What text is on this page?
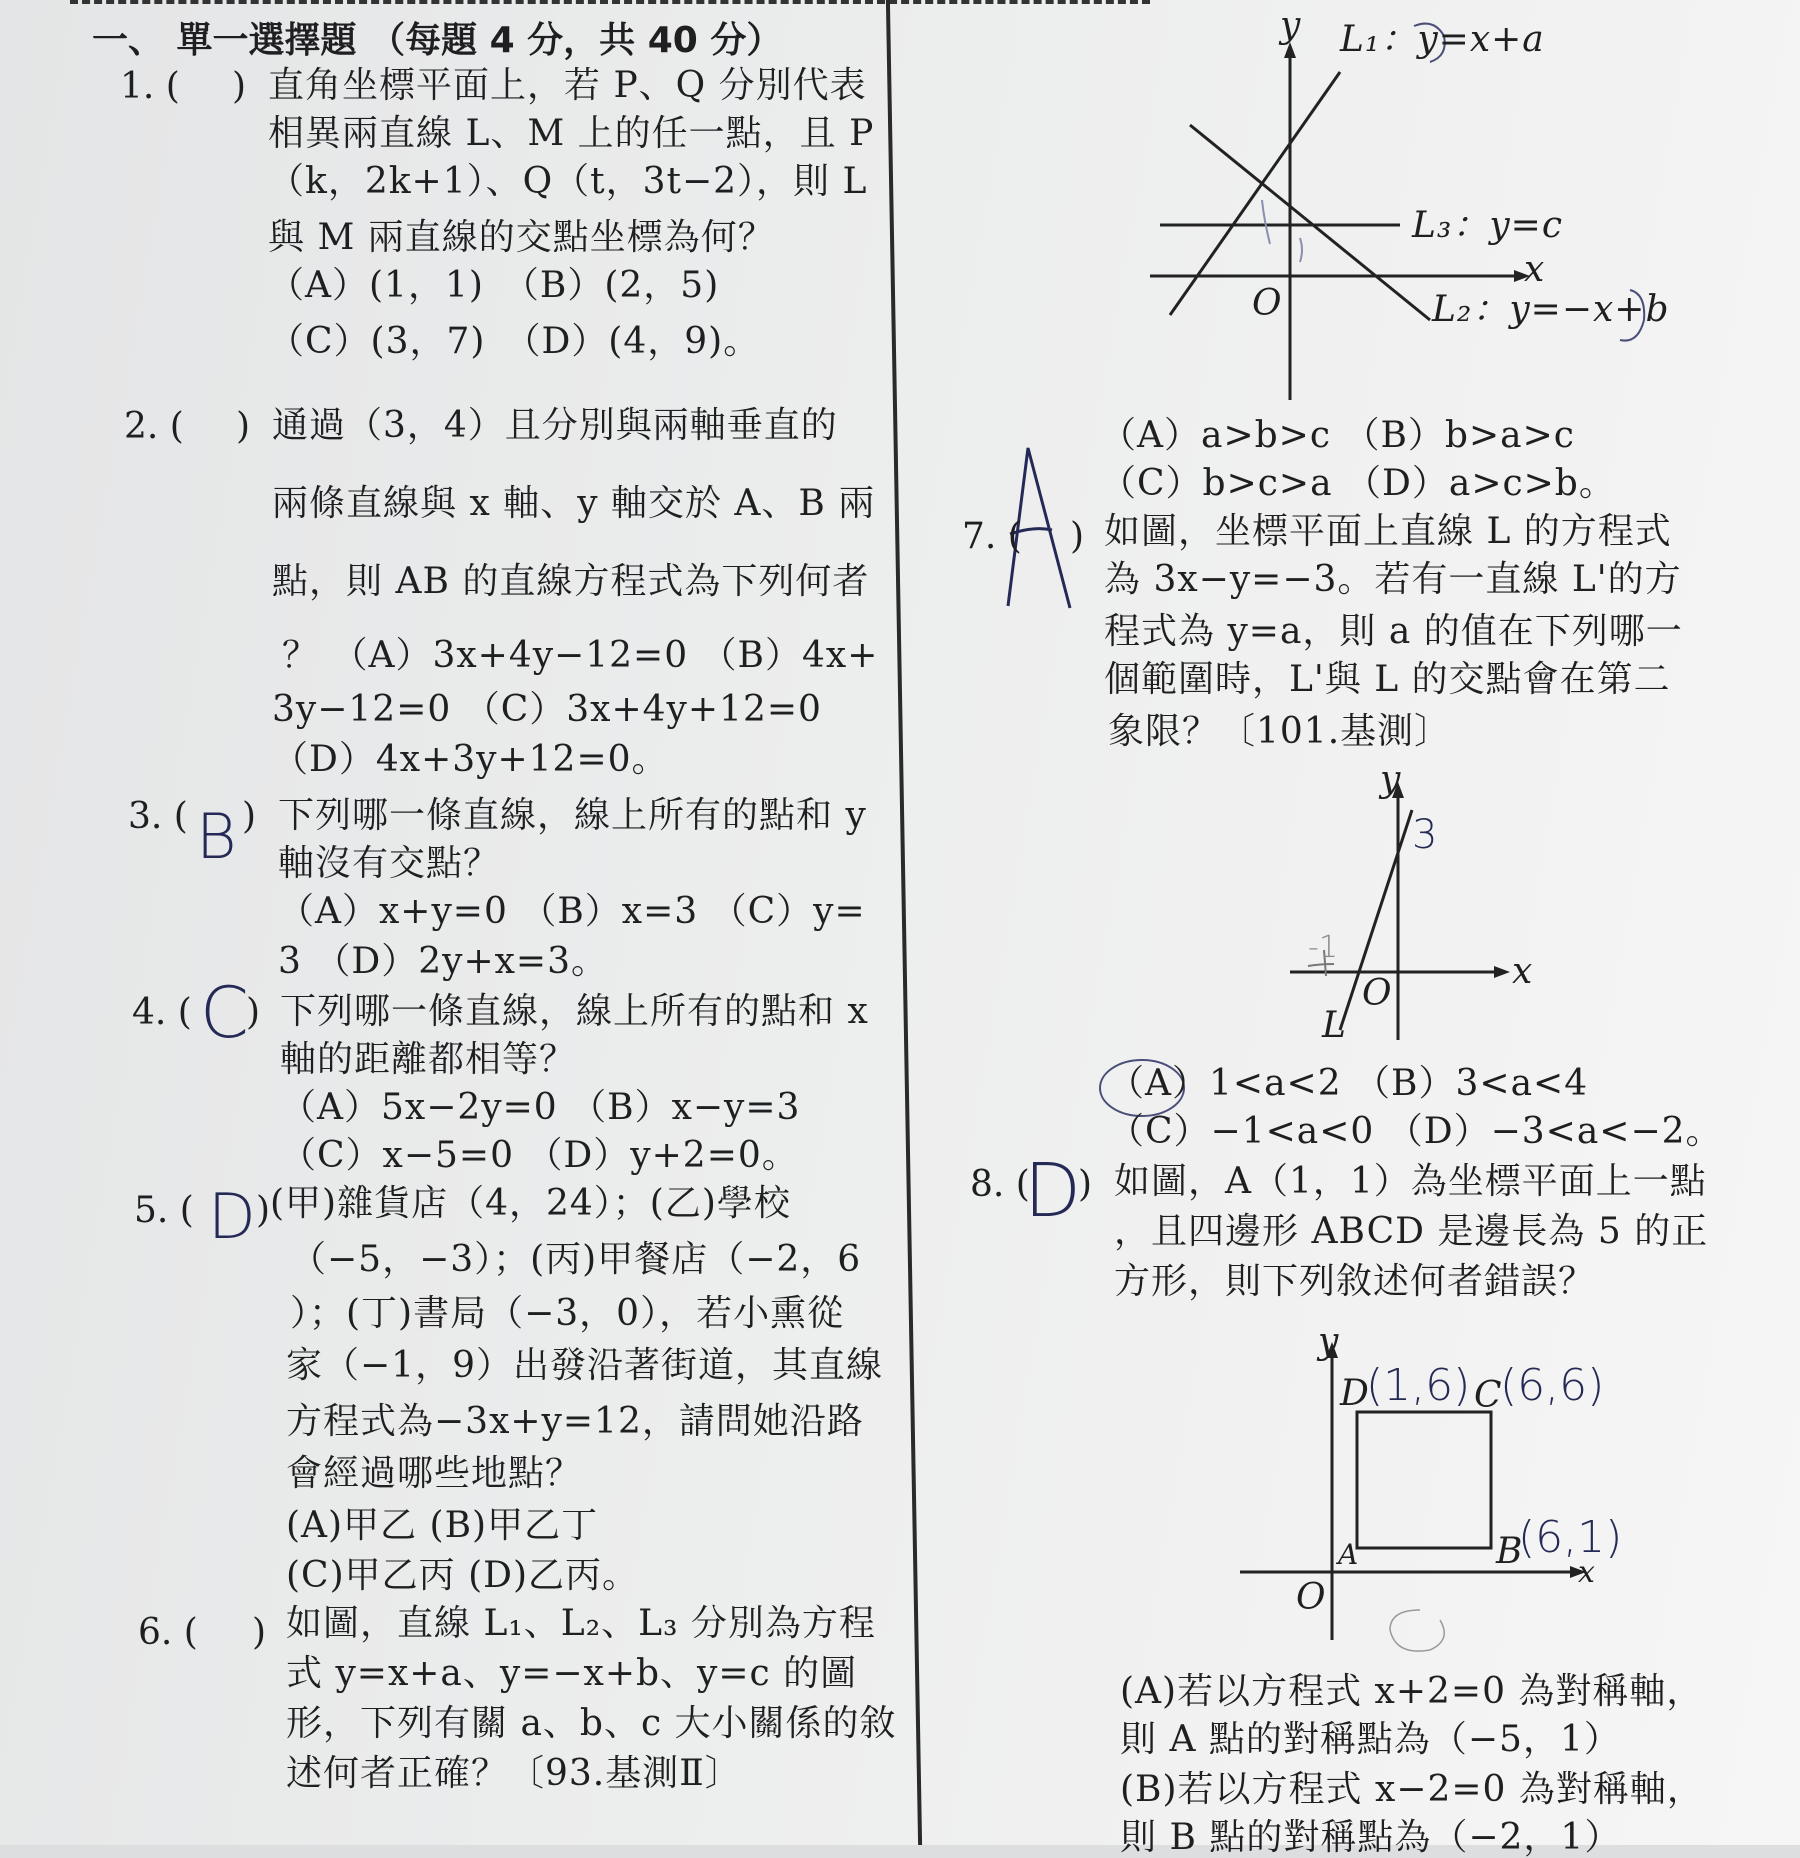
一、 單一選擇題 （每題 4 分，共 40 分）
1. ( ) 直角坐標平面上，若 P、Q 分別代表
相異兩直線 L、M 上的任一點，且 P
（k，2k+1）、Q（t，3t−2），則 L
與 M 兩直線的交點坐標為何？
（A）(1，1)　（B）(2，5)
（C）(3，7)　（D）(4，9)。
2. ( ) 通過（3，4）且分別與兩軸垂直的
兩條直線與 x 軸、y 軸交於 A、B 兩
點，則 AB 的直線方程式為下列何者
？ （A）3x+4y−12=0 （B）4x+
3y−12=0 （C）3x+4y+12=0
（D）4x+3y+12=0。
3. ( B ) 下列哪一條直線，線上所有的點和 y
軸沒有交點？
（A）x+y=0 （B）x=3 （C）y=
3 （D）2y+x=3。
4. ( C
) 下列哪一條直線，線上所有的點和 x
軸的距離都相等？
（A）5x−2y=0 （B）x−y=3
（C）x−5=0 （D）y+2=0。
5. ( D ) (甲)雜貨店（4，24）；(乙)學校
（−5，−3）；(丙)甲餐店（−2，6
）；(丁)書局（−3，0），若小熏從
家（−1，9）出發沿著街道，其直線
方程式為−3x+y=12，請問她沿路
會經過哪些地點？
(A)甲乙 (B)甲乙丁
(C)甲乙丙 (D)乙丙。
6. ( ) 如圖，直線 L₁、L₂、L₃ 分別為方程
式 y=x+a、y=−x+b、y=c 的圖
形，下列有關 a、b、c 大小關係的敘
述何者正確？〔93.基測Ⅱ〕
y L₁：y=x+a
L₃：y=c
x
O	L₂：y=−x+b
（A）a>b>c （B）b>a>c
（C）b>c>a （D）a>c>b。
7. ( ) 如圖，坐標平面上直線 L 的方程式
為 3x−y=−3。若有一直線 L'的方
程式為 y=a，則 a 的值在下列哪一
個範圍時，L'與 L 的交點會在第二
象限？〔101.基測〕
y
3
-1
x
O
L
（A）1<a<2 （B）3<a<4
（C）−1<a<0 （D）−3<a<−2。
8. (
D
) 如圖，A（1，1）為坐標平面上一點
，且四邊形 ABCD 是邊長為 5 的正
方形，則下列敘述何者錯誤？
y
D
(1,6) C
(6,6)
A	B
(6,1)
x
O
(A)若以方程式 x+2=0 為對稱軸，
則 A 點的對稱點為（−5，1）
(B)若以方程式 x−2=0 為對稱軸，
則 B 點的對稱點為（−2，1）
